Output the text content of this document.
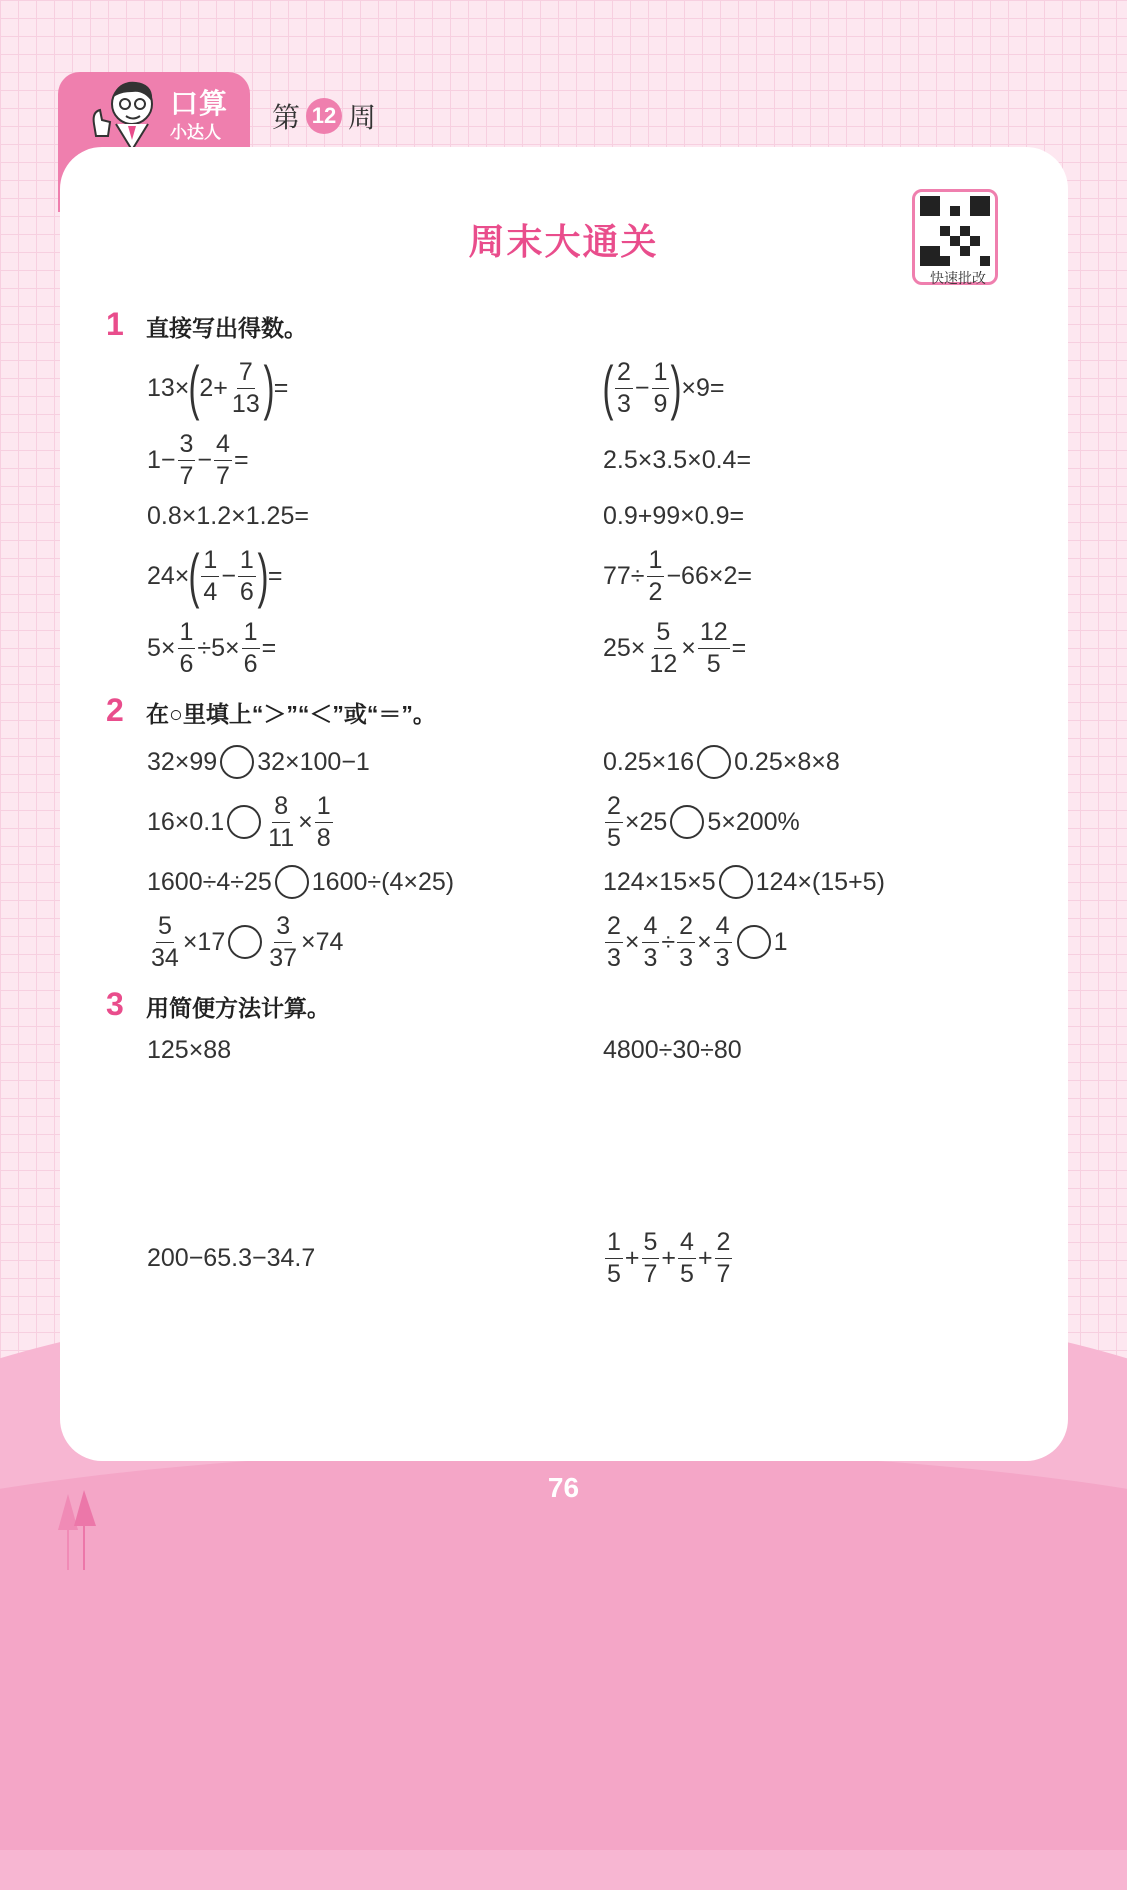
口算
小达人 第 12 周
周末大通关
快速批改
1 直接写出得数。
13× ( $2+ \frac{7}{13}$ ) =	( $\frac{2}{3} - \frac{1}{9}$ ) ×9=
$1- \frac{3}{7} - \frac{4}{7}$ =	2.5×3.5×0.4=
0.8×1.2×1.25=	0.9+99×0.9=
24× ( $\frac{1}{4} - \frac{1}{6}$ ) =	$77\div \frac{1}{2} -66\times 2=$
$5\times \frac{1}{6} \div 5\times \frac{1}{6}$ =	$25\times \frac{5}{12} \times \frac{12}{5}$ =
2 在○里填上“＞”“＜”或“＝”。
32×99 32×100−1	0.25×16 0.25×8×8
$16\times 0.1 \frac{8}{11} \times \frac{1}{8}$	$\frac{2}{5} \times 25$ 5×200%
1600÷4÷25 1600÷(4×25)	124×15×5 124×(15+5)
$\frac{5}{34} \times 17 \frac{3}{37} \times 74$	$\frac{2}{3} \times \frac{4}{3} \div \frac{2}{3} \times \frac{4}{3} 1$
3 用简便方法计算。
125×88	4800÷30÷80
200−65.3−34.7	$\frac{1}{5} + \frac{5}{7} + \frac{4}{5} + \frac{2}{7}$
76
